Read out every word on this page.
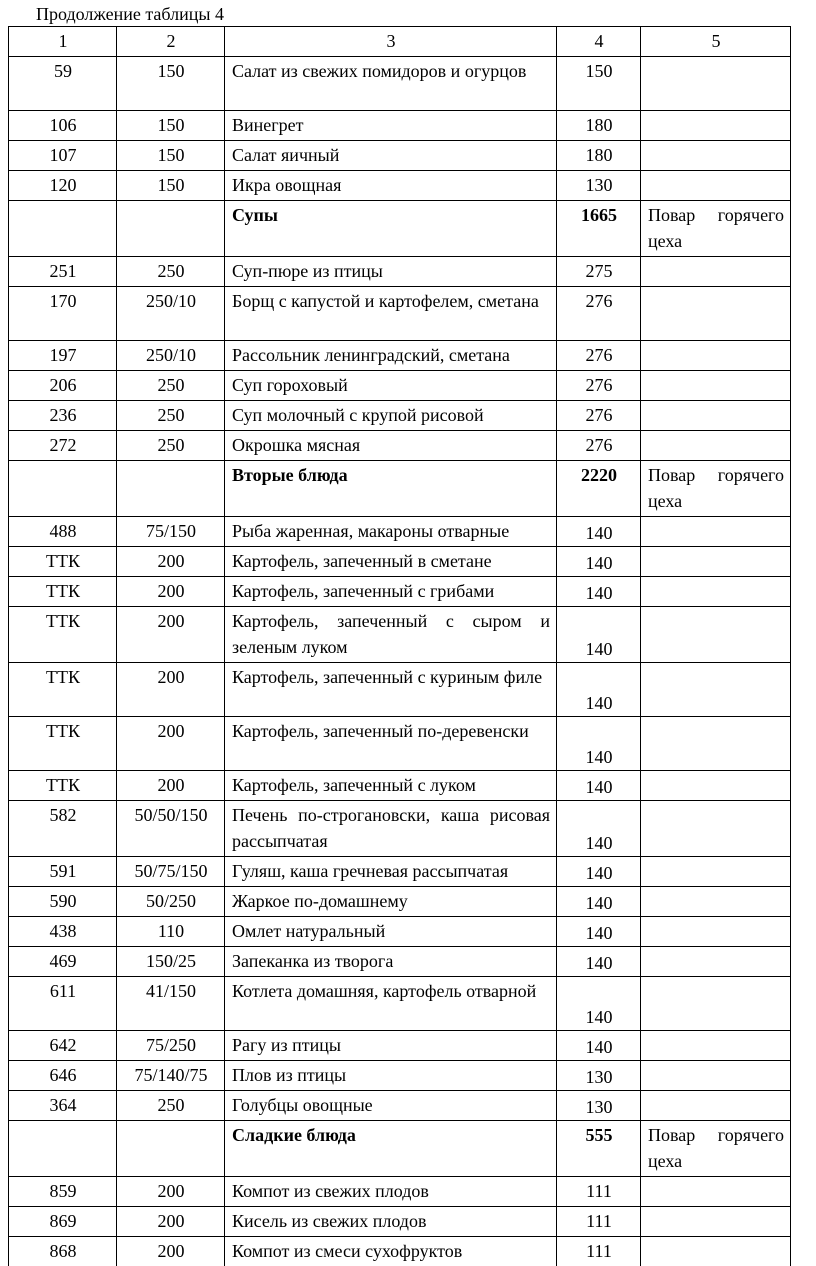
Продолжение таблицы 4
1	2	3	4	5
59	150	Салат из свежих помидоров и огурцов	150	
106	150	Винегрет	180	
107	150	Салат яичный	180	
120	150	Икра овощная	130	
		Супы	1665	Повар горячего цеха
251	250	Суп-пюре из птицы	275	
170	250/10	Борщ с капустой и картофелем, сметана	276	
197	250/10	Рассольник ленинградский, сметана	276	
206	250	Суп гороховый	276	
236	250	Суп молочный с крупой рисовой	276	
272	250	Окрошка мясная	276	
		Вторые блюда	2220	Повар горячего цеха
488	75/150	Рыба жаренная, макароны отварные	140	
ТТК	200	Картофель, запеченный в сметане	140	
ТТК	200	Картофель, запеченный с грибами	140	
ТТК	200	Картофель, запеченный с сыром и зеленым луком	140	
ТТК	200	Картофель, запеченный с куриным филе	140	
ТТК	200	Картофель, запеченный по-деревенски	140	
ТТК	200	Картофель, запеченный с луком	140	
582	50/50/150	Печень по-строгановски, каша рисовая рассыпчатая	140	
591	50/75/150	Гуляш, каша гречневая рассыпчатая	140	
590	50/250	Жаркое по-домашнему	140	
438	110	Омлет натуральный	140	
469	150/25	Запеканка из творога	140	
611	41/150	Котлета домашняя, картофель отварной	140	
642	75/250	Рагу из птицы	140	
646	75/140/75	Плов из птицы	130	
364	250	Голубцы овощные	130	
		Сладкие блюда	555	Повар горячего цеха
859	200	Компот из свежих плодов	111	
869	200	Кисель из свежих плодов	111	
868	200	Компот из смеси сухофруктов	111	
